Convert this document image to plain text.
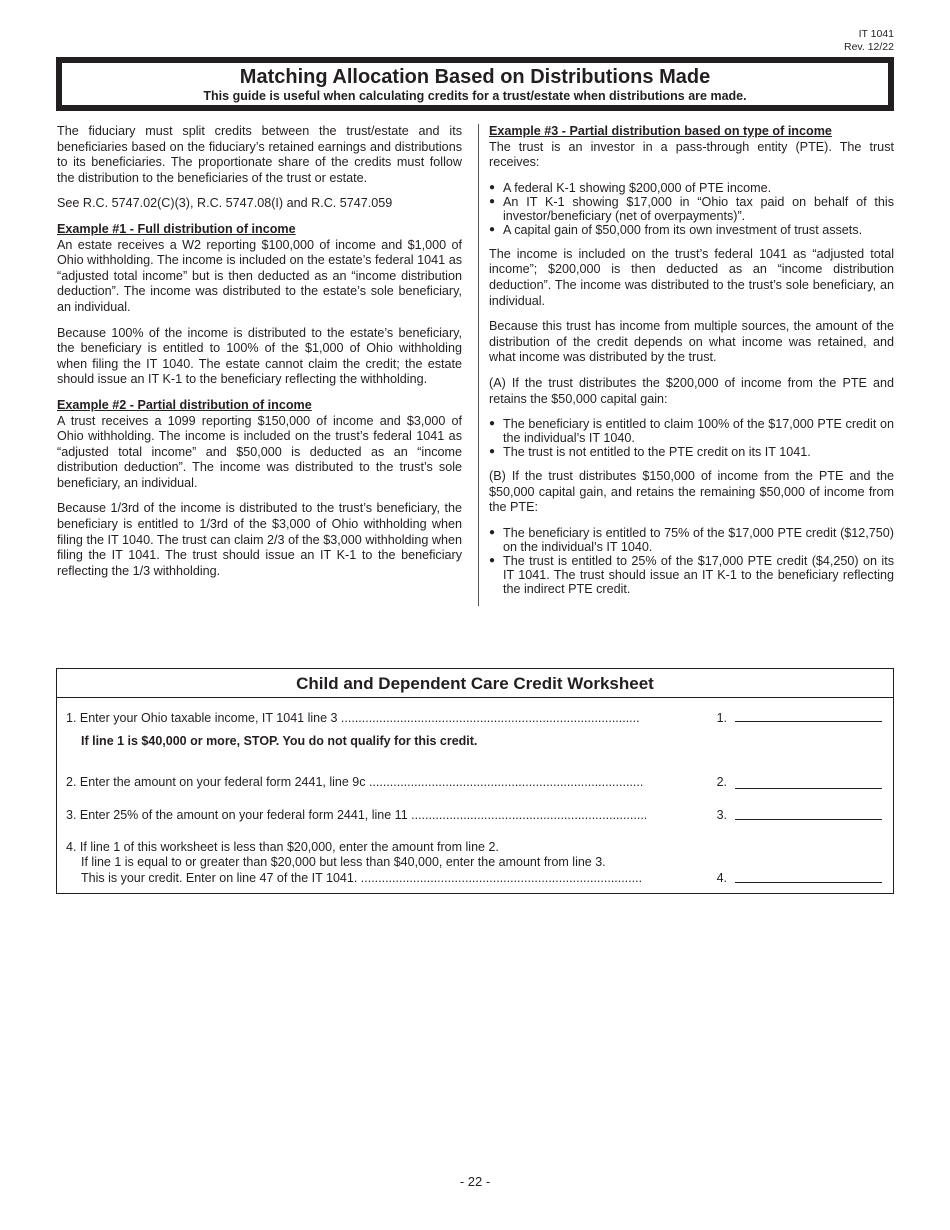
IT 1041
Rev. 12/22
Matching Allocation Based on Distributions Made
This guide is useful when calculating credits for a trust/estate when distributions are made.

The fiduciary must split credits between the trust/estate and its beneficiaries based on the fiduciary’s retained earnings and distributions to its beneficiaries. The proportionate share of the credits must follow the distribution to the beneficiaries of the trust or estate.

See R.C. 5747.02(C)(3), R.C. 5747.08(I) and R.C. 5747.059

Example #1 - Full distribution of income
An estate receives a W2 reporting $100,000 of income and $1,000 of Ohio withholding. The income is included on the estate’s federal 1041 as “adjusted total income” but is then deducted as an “income distribution deduction”. The income was distributed to the estate’s sole beneficiary, an individual.

Because 100% of the income is distributed to the estate’s beneficiary, the beneficiary is entitled to 100% of the $1,000 of Ohio withholding when filing the IT 1040. The estate cannot claim the credit; the estate should issue an IT K-1 to the beneficiary reflecting the withholding.

Example #2 - Partial distribution of income
A trust receives a 1099 reporting $150,000 of income and $3,000 of Ohio withholding. The income is included on the trust’s federal 1041 as “adjusted total income” and $50,000 is deducted as an “income distribution deduction”. The income was distributed to the trust’s sole beneficiary, an individual.

Because 1/3rd of the income is distributed to the trust’s beneficiary, the beneficiary is entitled to 1/3rd of the $3,000 of Ohio withholding when filing the IT 1040. The trust can claim 2/3 of the $3,000 withholding when filing the IT 1041. The trust should issue an IT K-1 to the beneficiary reflecting the 1/3 withholding.

Example #3 - Partial distribution based on type of income
The trust is an investor in a pass-through entity (PTE). The trust receives:

● A federal K-1 showing $200,000 of PTE income.
● An IT K-1 showing $17,000 in “Ohio tax paid on behalf of this investor/beneficiary (net of overpayments)”.
● A capital gain of $50,000 from its own investment of trust assets.

The income is included on the trust’s federal 1041 as “adjusted total income”; $200,000 is then deducted as an “income distribution deduction”. The income was distributed to the trust’s sole beneficiary, an individual.

Because this trust has income from multiple sources, the amount of the distribution of the credit depends on what income was retained, and what income was distributed by the trust.

(A) If the trust distributes the $200,000 of income from the PTE and retains the $50,000 capital gain:

● The beneficiary is entitled to claim 100% of the $17,000 PTE credit on the individual’s IT 1040.
● The trust is not entitled to the PTE credit on its IT 1041.

(B) If the trust distributes $150,000 of income from the PTE and the $50,000 capital gain, and retains the remaining $50,000 of income from the PTE:

● The beneficiary is entitled to 75% of the $17,000 PTE credit ($12,750) on the individual’s IT 1040.
● The trust is entitled to 25% of the $17,000 PTE credit ($4,250) on its IT 1041. The trust should issue an IT K-1 to the beneficiary reflecting the indirect PTE credit.
Child and Dependent Care Credit Worksheet
1. Enter your Ohio taxable income, IT 1041 line 3 ......................................................................................	1.
If line 1 is $40,000 or more, STOP. You do not qualify for this credit.
2. Enter the amount on your federal form 2441, line 9c ...............................................................................	2.
3. Enter 25% of the amount on your federal form 2441, line 11 ....................................................................	3.
4. If line 1 of this worksheet is less than $20,000, enter the amount from line 2.
If line 1 is equal to or greater than $20,000 but less than $40,000, enter the amount from line 3.
This is your credit. Enter on line 47 of the IT 1041. .................................................................................	4.
- 22 -
